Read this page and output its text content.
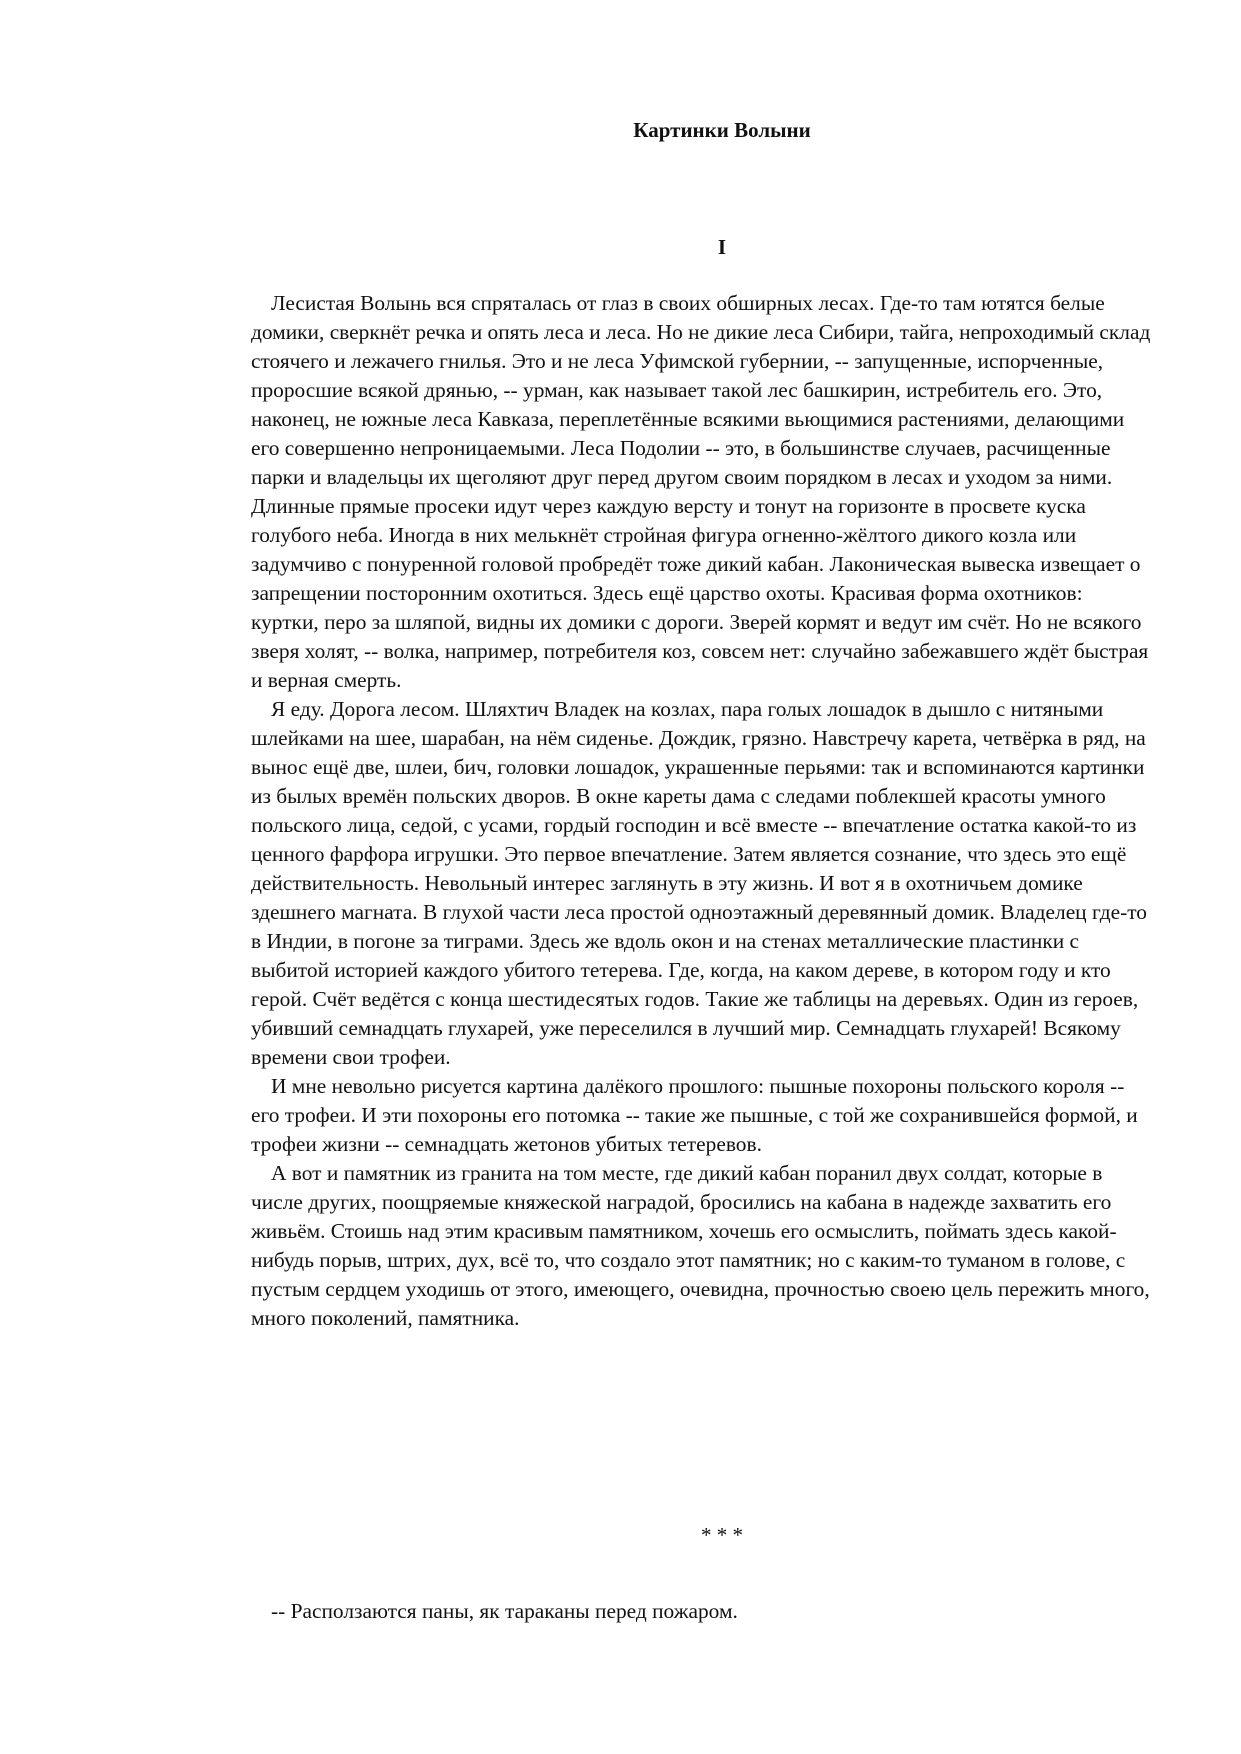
Картинки Волыни
I

Лесистая Волынь вся спряталась от глаз в своих обширных лесах. Где-то там ютятся белые домики, сверкнёт речка и опять леса и леса. Но не дикие леса Сибири, тайга, непроходимый склад стоячего и лежачего гнилья. Это и не леса Уфимской губернии, -- запущенные, испорченные, проросшие всякой дрянью, -- урман, как называет такой лес башкирин, истребитель его. Это, наконец, не южные леса Кавказа, переплетённые всякими вьющимися растениями, делающими его совершенно непроницаемыми. Леса Подолии -- это, в большинстве случаев, расчищенные парки и владельцы их щеголяют друг перед другом своим порядком в лесах и уходом за ними. Длинные прямые просеки идут через каждую версту и тонут на горизонте в просвете куска голубого неба. Иногда в них мелькнёт стройная фигура огненно-жёлтого дикого козла или задумчиво с понуренной головой пробредёт тоже дикий кабан. Лаконическая вывеска извещает о запрещении посторонним охотиться. Здесь ещё царство охоты. Красивая форма охотников: куртки, перо за шляпой, видны их домики с дороги. Зверей кормят и ведут им счёт. Но не всякого зверя холят, -- волка, например, потребителя коз, совсем нет: случайно забежавшего ждёт быстрая и верная смерть.

Я еду. Дорога лесом. Шляхтич Владек на козлах, пара голых лошадок в дышло с нитяными шлейками на шее, шарабан, на нём сиденье. Дождик, грязно. Навстречу карета, четвёрка в ряд, на вынос ещё две, шлеи, бич, головки лошадок, украшенные перьями: так и вспоминаются картинки из былых времён польских дворов. В окне кареты дама с следами поблекшей красоты умного польского лица, седой, с усами, гордый господин и всё вместе -- впечатление остатка какой-то из ценного фарфора игрушки. Это первое впечатление. Затем является сознание, что здесь это ещё действительность. Невольный интерес заглянуть в эту жизнь. И вот я в охотничьем домике здешнего магната. В глухой части леса простой одноэтажный деревянный домик. Владелец где-то в Индии, в погоне за тиграми. Здесь же вдоль окон и на стенах металлические пластинки с выбитой историей каждого убитого тетерева. Где, когда, на каком дереве, в котором году и кто герой. Счёт ведётся с конца шестидесятых годов. Такие же таблицы на деревьях. Один из героев, убивший семнадцать глухарей, уже переселился в лучший мир. Семнадцать глухарей! Всякому времени свои трофеи.

И мне невольно рисуется картина далёкого прошлого: пышные похороны польского короля -- его трофеи. И эти похороны его потомка -- такие же пышные, с той же сохранившейся формой, и трофеи жизни -- семнадцать жетонов убитых тетеревов.

А вот и памятник из гранита на том месте, где дикий кабан поранил двух солдат, которые в числе других, поощряемые княжеской наградой, бросились на кабана в надежде захватить его живьём. Стоишь над этим красивым памятником, хочешь его осмыслить, поймать здесь какой-нибудь порыв, штрих, дух, всё то, что создало этот памятник; но с каким-то туманом в голове, с пустым сердцем уходишь от этого, имеющего, очевидна, прочностью своею цель пережить много, много поколений, памятника.

* * *

-- Расползаются паны, як тараканы перед пожаром.
